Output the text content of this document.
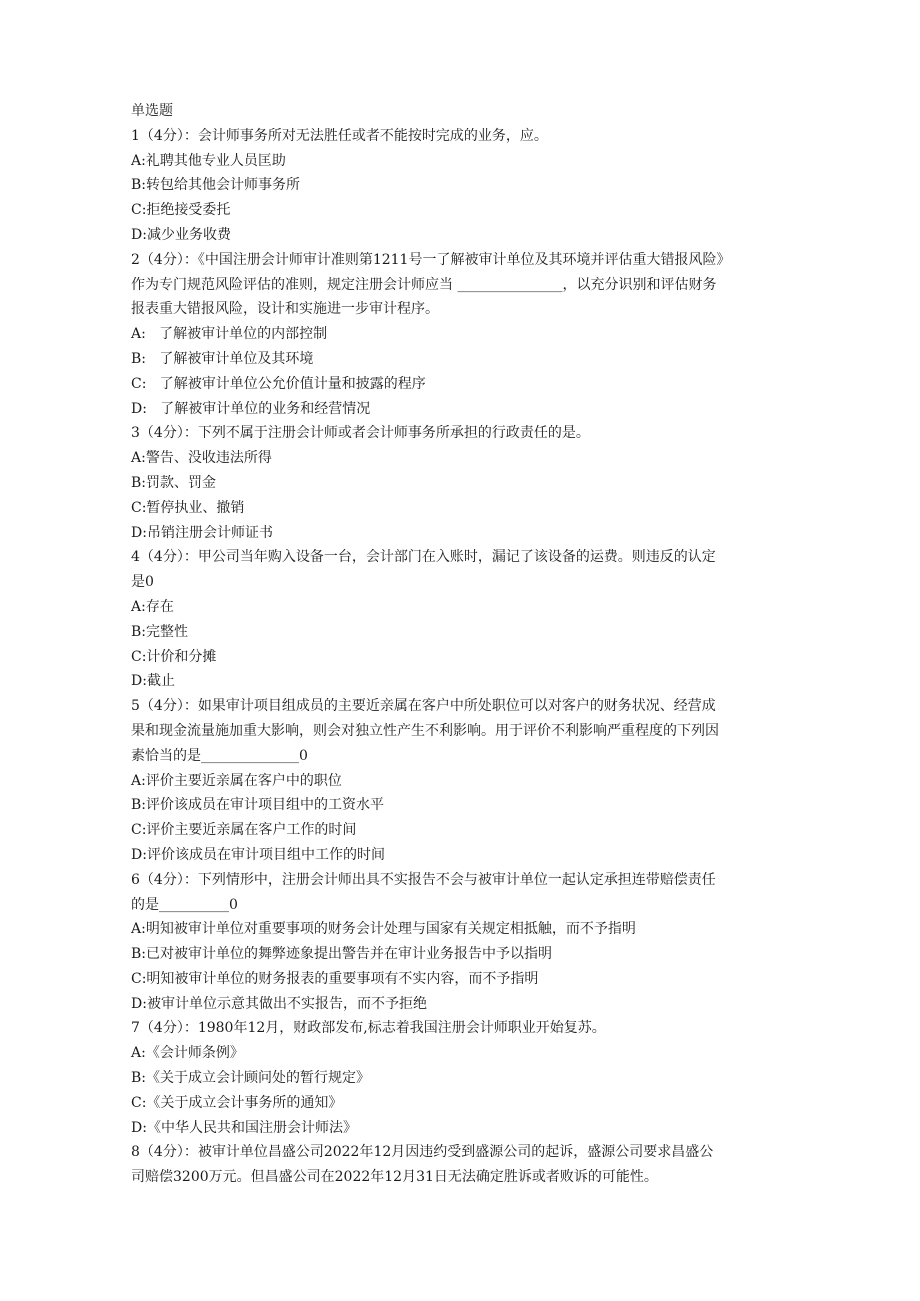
单选题

1（4分）：会计师事务所对无法胜任或者不能按时完成的业务，应。

A:礼聘其他专业人员匡助

B:转包给其他会计师事务所

C:拒绝接受委托

D:减少业务收费

2（4分）：《中国注册会计师审计准则第1211号一了解被审计单位及其环境并评估重大错报风险》

作为专门规范风险评估的准则，规定注册会计师应当 _______________，以充分识别和评估财务

报表重大错报风险，设计和实施进一步审计程序。

A:   了解被审计单位的内部控制

B:   了解被审计单位及其环境

C:   了解被审计单位公允价值计量和披露的程序

D:   了解被审计单位的业务和经营情况

3（4分）：下列不属于注册会计师或者会计师事务所承担的行政责任的是。

A:警告、没收违法所得

B:罚款、罚金

C:暂停执业、撤销

D:吊销注册会计师证书

4（4分）：甲公司当年购入设备一台，会计部门在入账时，漏记了该设备的运费。则违反的认定

是0

A:存在

B:完整性

C:计价和分摊

D:截止

5（4分）：如果审计项目组成员的主要近亲属在客户中所处职位可以对客户的财务状况、经营成

果和现金流量施加重大影响，则会对独立性产生不利影响。用于评价不利影响严重程度的下列因

素恰当的是______________0

A:评价主要近亲属在客户中的职位

B:评价该成员在审计项目组中的工资水平

C:评价主要近亲属在客户工作的时间

D:评价该成员在审计项目组中工作的时间

6（4分）：下列情形中，注册会计师出具不实报告不会与被审计单位一起认定承担连带赔偿责任

的是__________0

A:明知被审计单位对重要事项的财务会计处理与国家有关规定相抵触，而不予指明

B:已对被审计单位的舞弊迹象提出警告并在审计业务报告中予以指明

C:明知被审计单位的财务报表的重要事项有不实内容，而不予指明

D:被审计单位示意其做出不实报告，而不予拒绝

7（4分）：1980年12月，财政部发布,标志着我国注册会计师职业开始复苏。

A:《会计师条例》

B:《关于成立会计顾问处的暂行规定》

C:《关于成立会计事务所的通知》

D:《中华人民共和国注册会计师法》

8（4分）：被审计单位昌盛公司2022年12月因违约受到盛源公司的起诉，盛源公司要求昌盛公

司赔偿3200万元。但昌盛公司在2022年12月31日无法确定胜诉或者败诉的可能性。
